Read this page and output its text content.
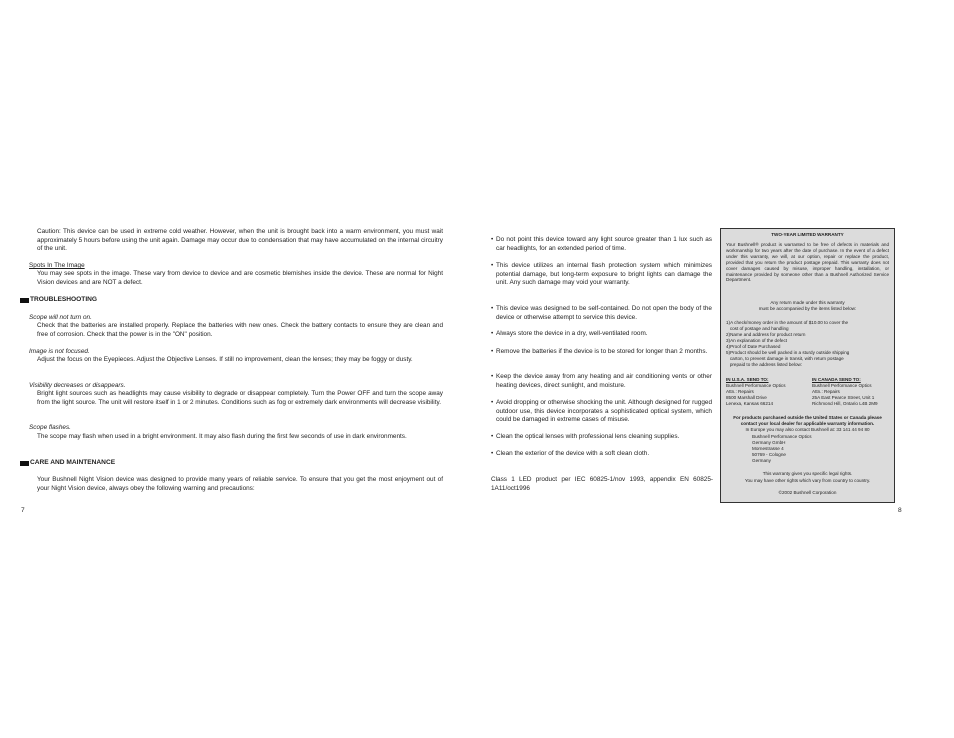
Caution: This device can be used in extreme cold weather. However, when the unit is brought back into a warm environment, you must wait approximately 5 hours before using the unit again. Damage may occur due to condensation that may have accumulated on the internal circuitry of the unit.

Spots In The Image

You may see spots in the image. These vary from device to device and are cosmetic blemishes inside the device. These are normal for Night Vision devices and are NOT a defect.

TROUBLESHOOTING

Scope will not turn on.

Check that the batteries are installed properly. Replace the batteries with new ones. Check the battery contacts to ensure they are clean and free of corrosion. Check that the power is in the "ON" position.

Image is not focused.

Adjust the focus on the Eyepieces. Adjust the Objective Lenses. If still no improvement, clean the lenses; they may be foggy or dusty.

Visibility decreases or disappears.

Bright light sources such as headlights may cause visibility to degrade or disappear completely. Turn the Power OFF and turn the scope away from the light source. The unit will restore itself in 1 or 2 minutes. Conditions such as fog or extremely dark environments will decrease visibility.

Scope flashes.

The scope may flash when used in a bright environment. It may also flash during the first few seconds of use in dark environments.

CARE AND MAINTENANCE

Your Bushnell Night Vision device was designed to provide many years of reliable service. To ensure that you get the most enjoyment out of your Night Vision device, always obey the following warning and precautions:

7
• Do not point this device toward any light source greater than 1 lux such as car headlights, for an extended period of time.
• This device utilizes an internal flash protection system which minimizes potential damage, but long-term exposure to bright lights can damage the unit. Any such damage may void your warranty.
• This device was designed to be self-contained. Do not open the body of the device or otherwise attempt to service this device.
• Always store the device in a dry, well-ventilated room.
• Remove the batteries if the device is to be stored for longer than 2 months.
• Keep the device away from any heating and air conditioning vents or other heating devices, direct sunlight, and moisture.
• Avoid dropping or otherwise shocking the unit. Although designed for rugged outdoor use, this device incorporates a sophisticated optical system, which could be damaged in extreme cases of misuse.
• Clean the optical lenses with professional lens cleaning supplies.
• Clean the exterior of the device with a soft clean cloth.

Class 1 LED product per IEC 60825-1/nov 1993, appendix EN 60825-1A11/oct1996

8

TWO-YEAR LIMITED WARRANTY

Your Bushnell® product is warranted to be free of defects in materials and workmanship for two years after the date of purchase. In the event of a defect under this warranty, we will, at our option, repair or replace the product, provided that you return the product postage prepaid. This warranty does not cover damages caused by misuse, improper handling, installation, or maintenance provided by someone other than a Bushnell Authorized Service Department.

Any return made under this warranty

must be accompanied by the items listed below:

1)A check/money order in the amount of $10.00 to cover the

cost of postage and handling

2)Name and address for product return

3)An explanation of the defect

4)Proof of Date Purchased

5)Product should be well packed in a sturdy outside shipping

carton, to prevent damage in transit, with return postage

prepaid to the address listed below:

IN U.S.A. SEND TO:

Bushnell Performance Optics

Attn.: Repairs

8500 Marshall Drive

Lenexa, Kansas 66214

IN CANADA SEND TO:

Bushnell Performance Optics

Attn.: Repairs

25A East Pearce Street, Unit 1

Richmond Hill, Ontario L4B 2M9

For products purchased outside the United States or Canada please

contact your local dealer for applicable warranty information.

In Europe you may also contact Bushnell at: 33 141 44 94 80

Bushnell Performance Optics

Germany GmbH

Mornestrasse 4

50769 - Cologne

Germany

This warranty gives you specific legal rights.

You may have other rights which vary from country to country.

©2002 Bushnell Corporation
